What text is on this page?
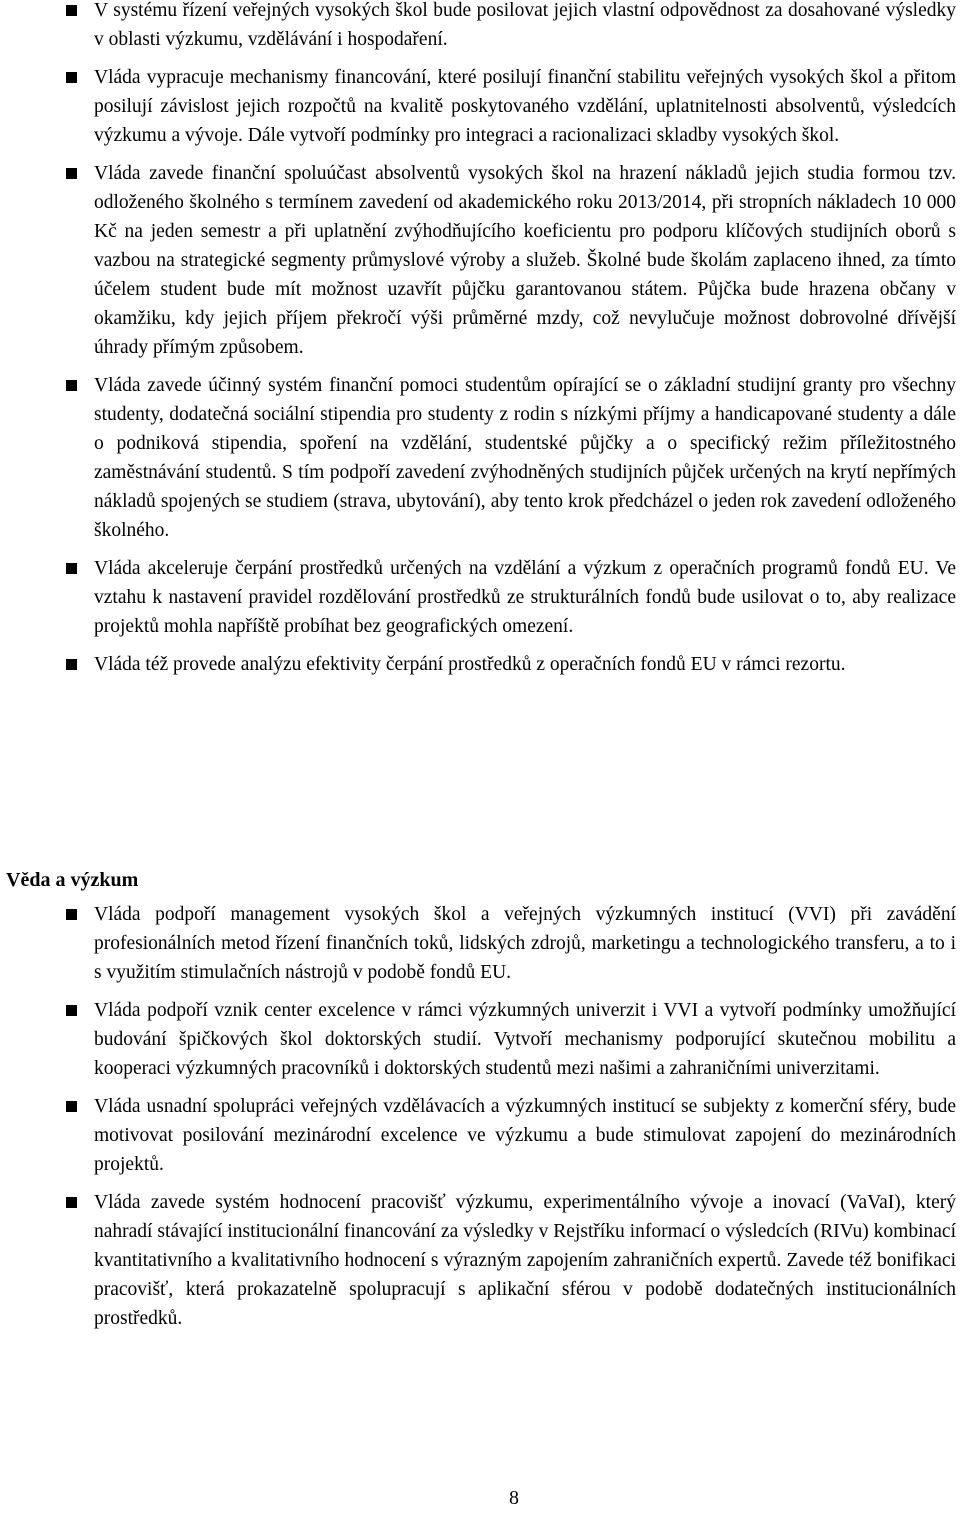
V systému řízení veřejných vysokých škol bude posilovat jejich vlastní odpovědnost za dosahované výsledky v oblasti výzkumu, vzdělávání i hospodaření.
Vláda vypracuje mechanismy financování, které posilují finanční stabilitu veřejných vysokých škol a přitom posilují závislost jejich rozpočtů na kvalitě poskytovaného vzdělání, uplatnitelnosti absolventů, výsledcích výzkumu a vývoje. Dále vytvoří podmínky pro integraci a racionalizaci skladby vysokých škol.
Vláda zavede finanční spoluúčast absolventů vysokých škol na hrazení nákladů jejich studia formou tzv. odloženého školného s termínem zavedení od akademického roku 2013/2014, při stropních nákladech 10 000 Kč na jeden semestr a při uplatnění zvýhodňujícího koeficientu pro podporu klíčových studijních oborů s vazbou na strategické segmenty průmyslové výroby a služeb. Školné bude školám zaplaceno ihned, za tímto účelem student bude mít možnost uzavřít půjčku garantovanou státem. Půjčka bude hrazena občany v okamžiku, kdy jejich příjem překročí výši průměrné mzdy, což nevylučuje možnost dobrovolné dřívější úhrady přímým způsobem.
Vláda zavede účinný systém finanční pomoci studentům opírající se o základní studijní granty pro všechny studenty, dodatečná sociální stipendia pro studenty z rodin s nízkými příjmy a handicapované studenty a dále o podniková stipendia, spoření na vzdělání, studentské půjčky a o specifický režim příležitostného zaměstnávání studentů. S tím podpoří zavedení zvýhodněných studijních půjček určených na krytí nepřímých nákladů spojených se studiem (strava, ubytování), aby tento krok předcházel o jeden rok zavedení odloženého školného.
Vláda akceleruje čerpání prostředků určených na vzdělání a výzkum z operačních programů fondů EU. Ve vztahu k nastavení pravidel rozdělování prostředků ze strukturálních fondů bude usilovat o to, aby realizace projektů mohla napříště probíhat bez geografických omezení.
Vláda též provede analýzu efektivity čerpání prostředků z operačních fondů EU v rámci rezortu.
Věda a výzkum
Vláda podpoří management vysokých škol a veřejných výzkumných institucí (VVI) při zavádění profesionálních metod řízení finančních toků, lidských zdrojů, marketingu a technologického transferu, a to i s využitím stimulačních nástrojů v podobě fondů EU.
Vláda podpoří vznik center excelence v rámci výzkumných univerzit i VVI a vytvoří podmínky umožňující budování špičkových škol doktorských studií. Vytvoří mechanismy podporující skutečnou mobilitu a kooperaci výzkumných pracovníků i doktorských studentů mezi našimi a zahraničními univerzitami.
Vláda usnadní spolupráci veřejných vzdělávacích a výzkumných institucí se subjekty z komerční sféry, bude motivovat posilování mezinárodní excelence ve výzkumu a bude stimulovat zapojení do mezinárodních projektů.
Vláda zavede systém hodnocení pracovišť výzkumu, experimentálního vývoje a inovací (VaVaI), který nahradí stávající institucionální financování za výsledky v Rejstříku informací o výsledcích (RIVu) kombinací kvantitativního a kvalitativního hodnocení s výrazným zapojením zahraničních expertů. Zavede též bonifikaci pracovišť, která prokazatelně spolupracují s aplikační sférou v podobě dodatečných institucionálních prostředků.
8
